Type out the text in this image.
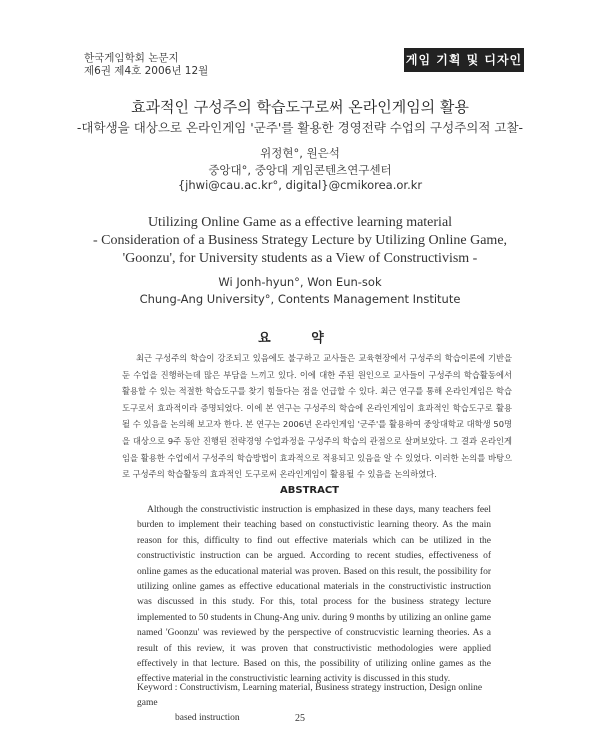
한국게임학회 논문지
제6권 제4호 2006년 12월
게임 기획 및 디자인
효과적인 구성주의 학습도구로써 온라인게임의 활용
-대학생을 대상으로 온라인게임 '군주'를 활용한 경영전략 수업의 구성주의적 고찰-
위정현°, 원은석
중앙대°, 중앙대 게임콘텐츠연구센터
{jhwi@cau.ac.kr°, digital}@cmikorea.or.kr
Utilizing Online Game as a effective learning material
- Consideration of a Business Strategy Lecture by Utilizing Online Game,
'Goonzu', for University students as a View of Constructivism -
Wi Jonh-hyun°, Won Eun-sok
Chung-Ang University°, Contents Management Institute
요 약
최근 구성주의 학습이 강조되고 있음에도 불구하고 교사들은 교육현장에서 구성주의 학습이론에 기반을 둔 수업을 진행하는데 많은 부담을 느끼고 있다. 이에 대한 주된 원인으로 교사들이 구성주의 학습활동에서 활용할 수 있는 적절한 학습도구를 찾기 힘들다는 점을 언급할 수 있다. 최근 연구를 통해 온라인게임은 학습도구로서 효과적이라 증명되었다. 이에 본 연구는 구성주의 학습에 온라인게임이 효과적인 학습도구로 활용될 수 있음을 논의해 보고자 한다. 본 연구는 2006년 온라인게임 '군주'를 활용하여 중앙대학교 대학생 50명을 대상으로 9주 동안 진행된 전략경영 수업과정을 구성주의 학습의 관점으로 살펴보았다. 그 결과 온라인게임을 활용한 수업에서 구성주의 학습방법이 효과적으로 적용되고 있음을 알 수 있었다. 이러한 논의를 바탕으로 구성주의 학습활동의 효과적인 도구로써 온라인게임이 활용될 수 있음을 논의하였다.
ABSTRACT
Although the constructivistic instruction is emphasized in these days, many teachers feel burden to implement their teaching based on constuctivistic learning theory. As the main reason for this, difficulty to find out effective materials which can be utilized in the constructivistic instruction can be argued. According to recent studies, effectiveness of online games as the educational material was proven. Based on this result, the possibility for utilizing online games as effective educational materials in the constructivistic instruction was discussed in this study. For this, total process for the business strategy lecture implemented to 50 students in Chung-Ang univ. during 9 months by utilizing an online game named 'Goonzu' was reviewed by the perspective of construcvistic learning theories. As a result of this review, it was proven that constructivistic methodologies were applied effectively in that lecture. Based on this, the possibility of utilizing online games as the effective material in the constructivistic learning activity is discussed in this study.
Keyword : Constructivism, Learning material, Business strategy instruction, Design online game
based instruction	25
